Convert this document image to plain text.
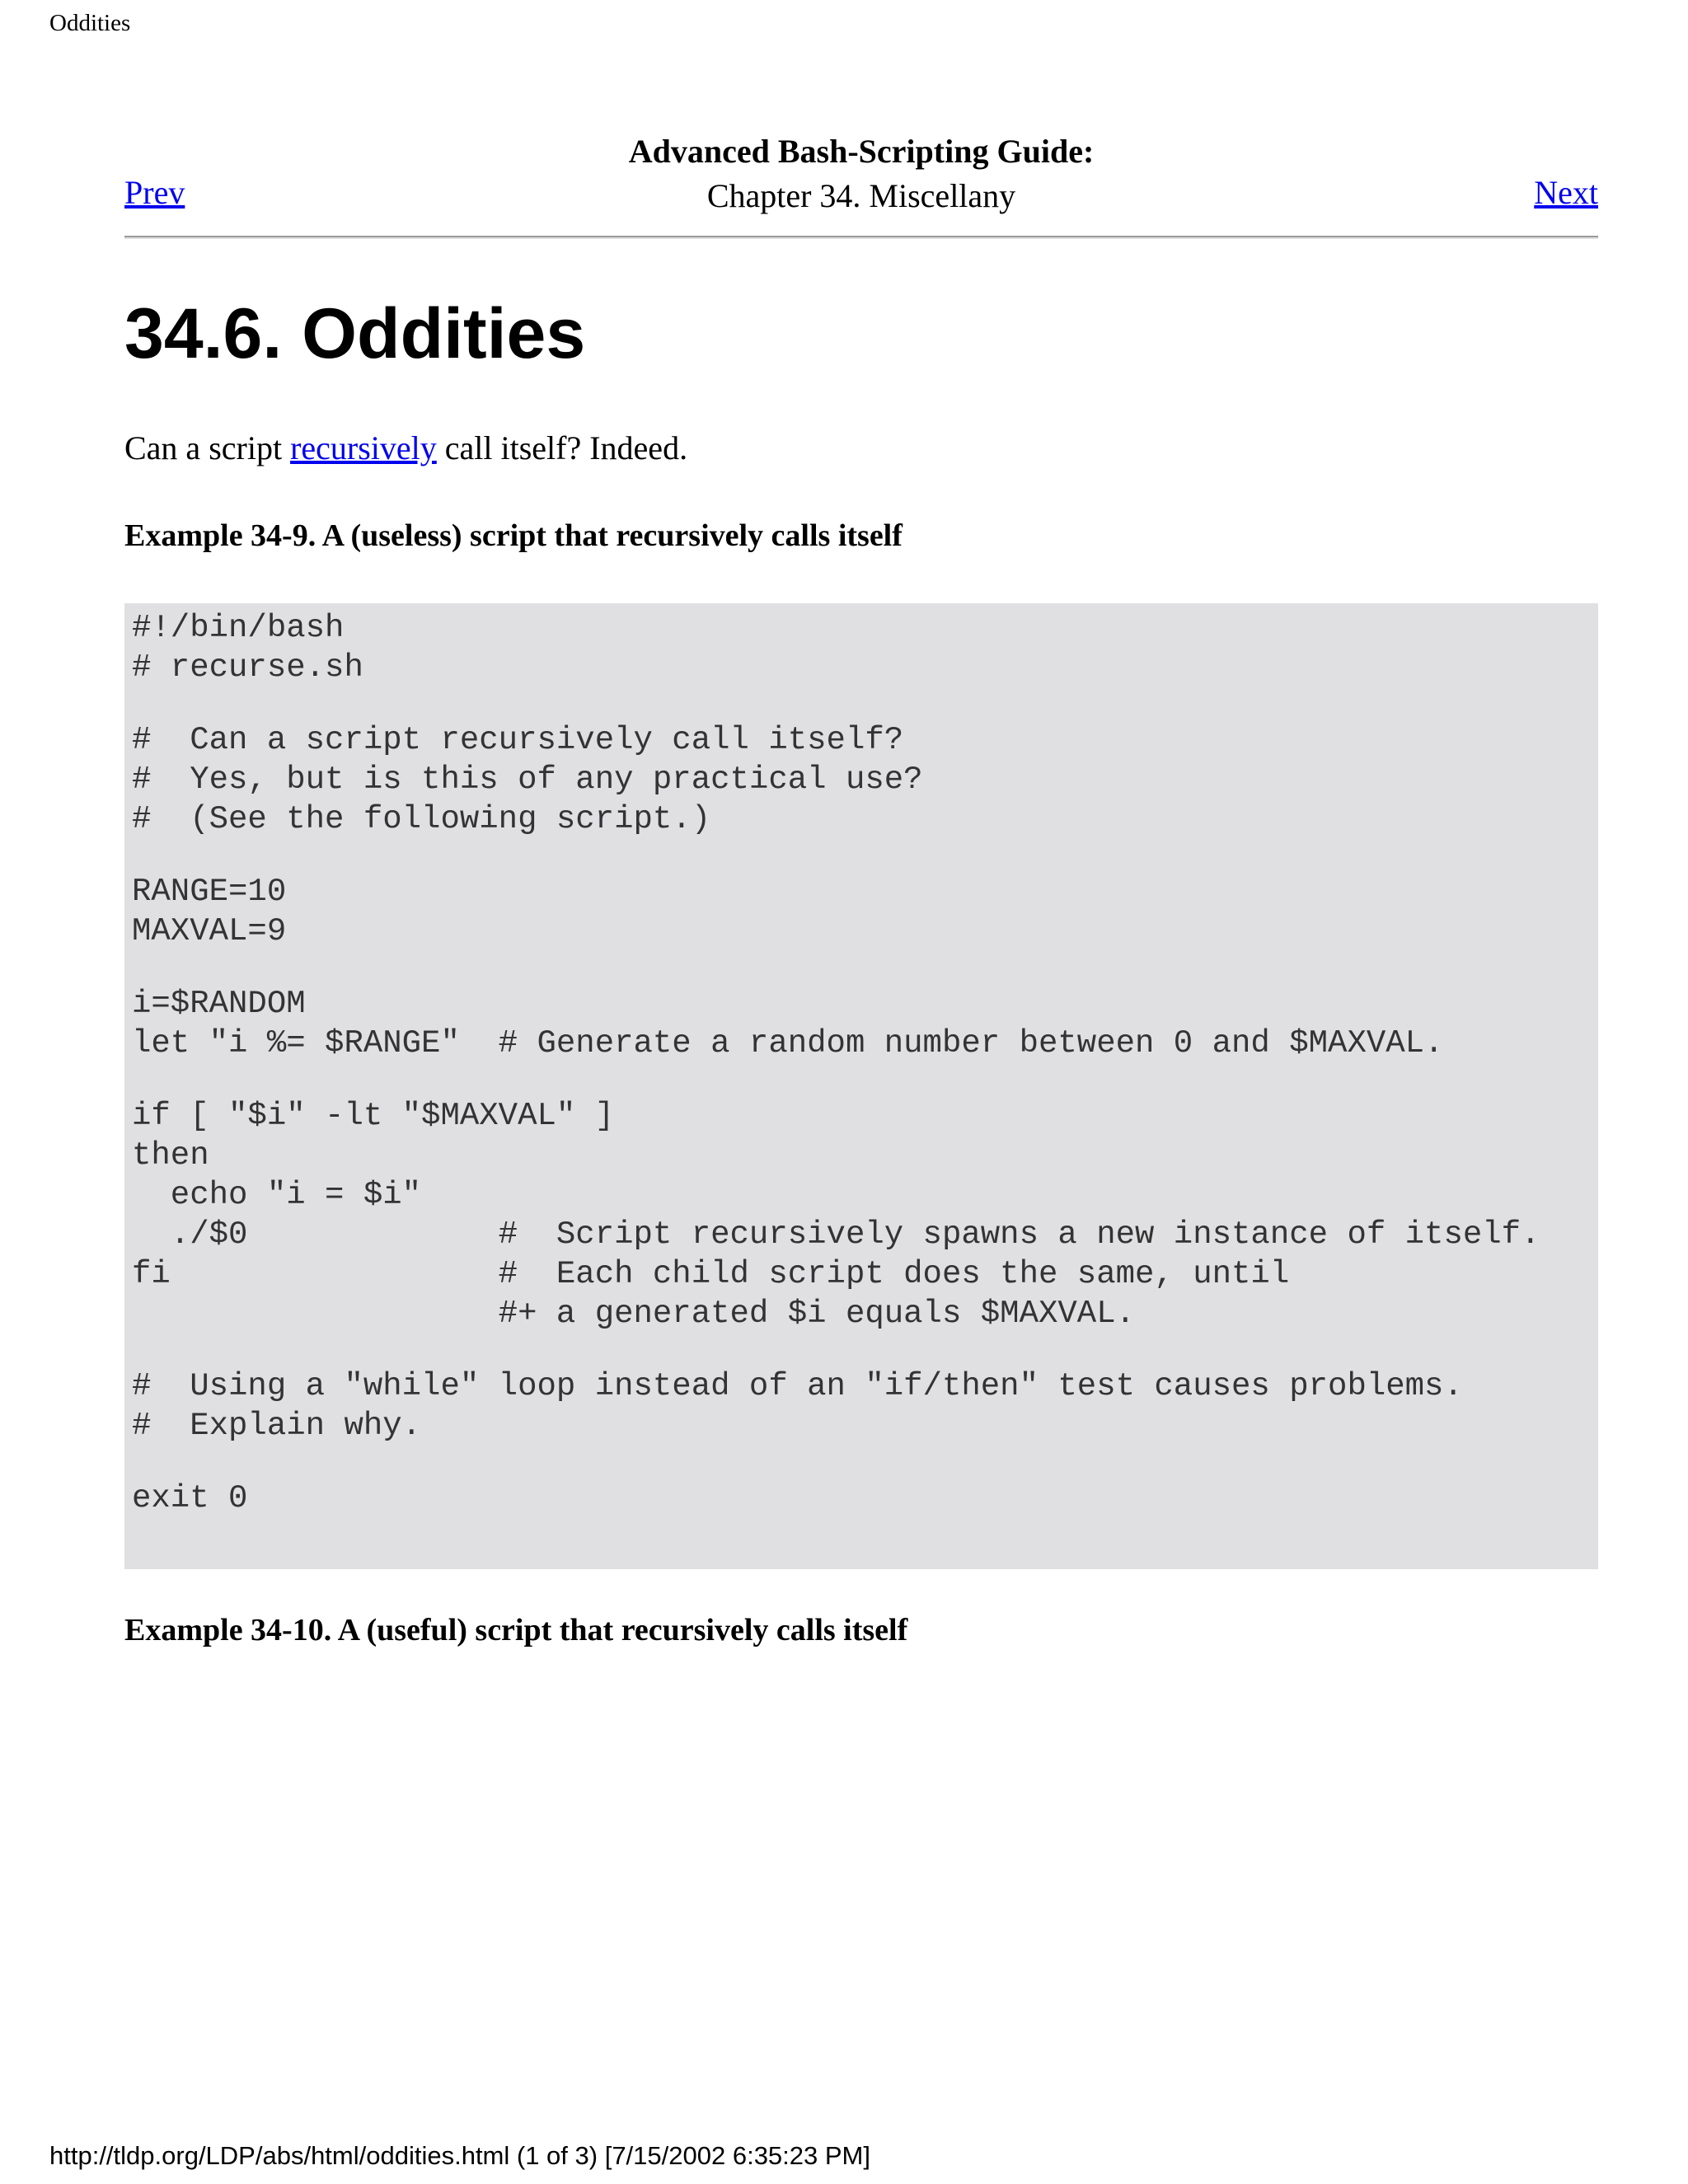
Oddities
Advanced Bash-Scripting Guide:
Prev	Chapter 34. Miscellany	Next
34.6. Oddities
Can a script recursively call itself? Indeed.
Example 34-9. A (useless) script that recursively calls itself
#!/bin/bash
# recurse.sh
#  Can a script recursively call itself?
#  Yes, but is this of any practical use?
#  (See the following script.)
RANGE=10
MAXVAL=9
i=$RANDOM
let "i %= $RANGE"  # Generate a random number between 0 and $MAXVAL.
if [ "$i" -lt "$MAXVAL" ]
then
echo "i = $i"
./$0             #  Script recursively spawns a new instance of itself.
fi                 #  Each child script does the same, until
#+ a generated $i equals $MAXVAL.
#  Using a "while" loop instead of an "if/then" test causes problems.
#  Explain why.
exit 0
Example 34-10. A (useful) script that recursively calls itself
http://tldp.org/LDP/abs/html/oddities.html (1 of 3) [7/15/2002 6:35:23 PM]
